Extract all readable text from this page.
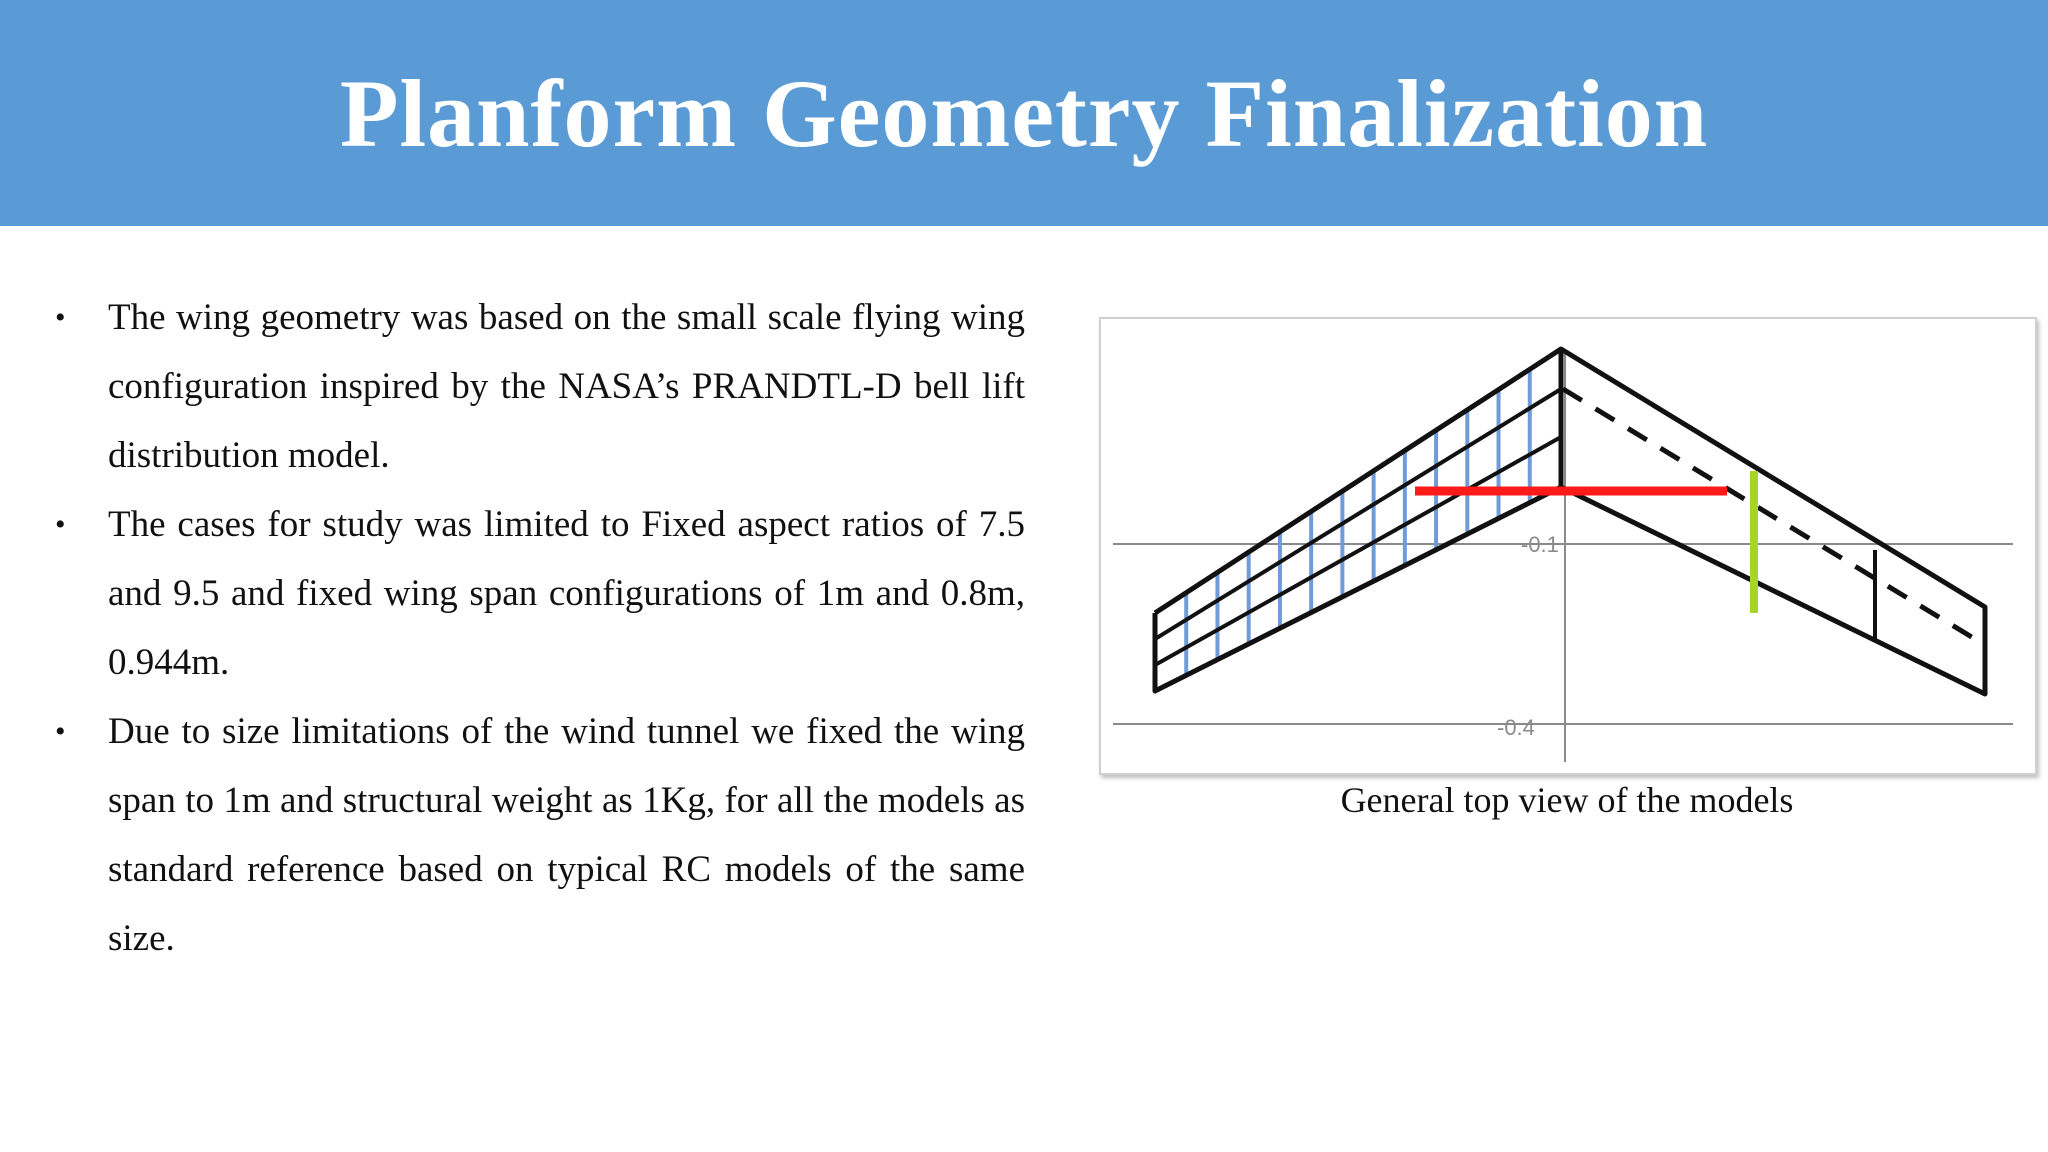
Planform Geometry Finalization
• The wing geometry was based on the small scale flying wing configuration inspired by the NASA’s PRANDTL-D bell lift distribution model.
• The cases for study was limited to Fixed aspect ratios of 7.5 and 9.5 and fixed wing span configurations of 1m and 0.8m, 0.944m.
• Due to size limitations of the wind tunnel we fixed the wing span to 1m and structural weight as 1Kg, for all the models as standard reference based on typical RC models of the same size.
-0.1
-0.4
General top view of the models
